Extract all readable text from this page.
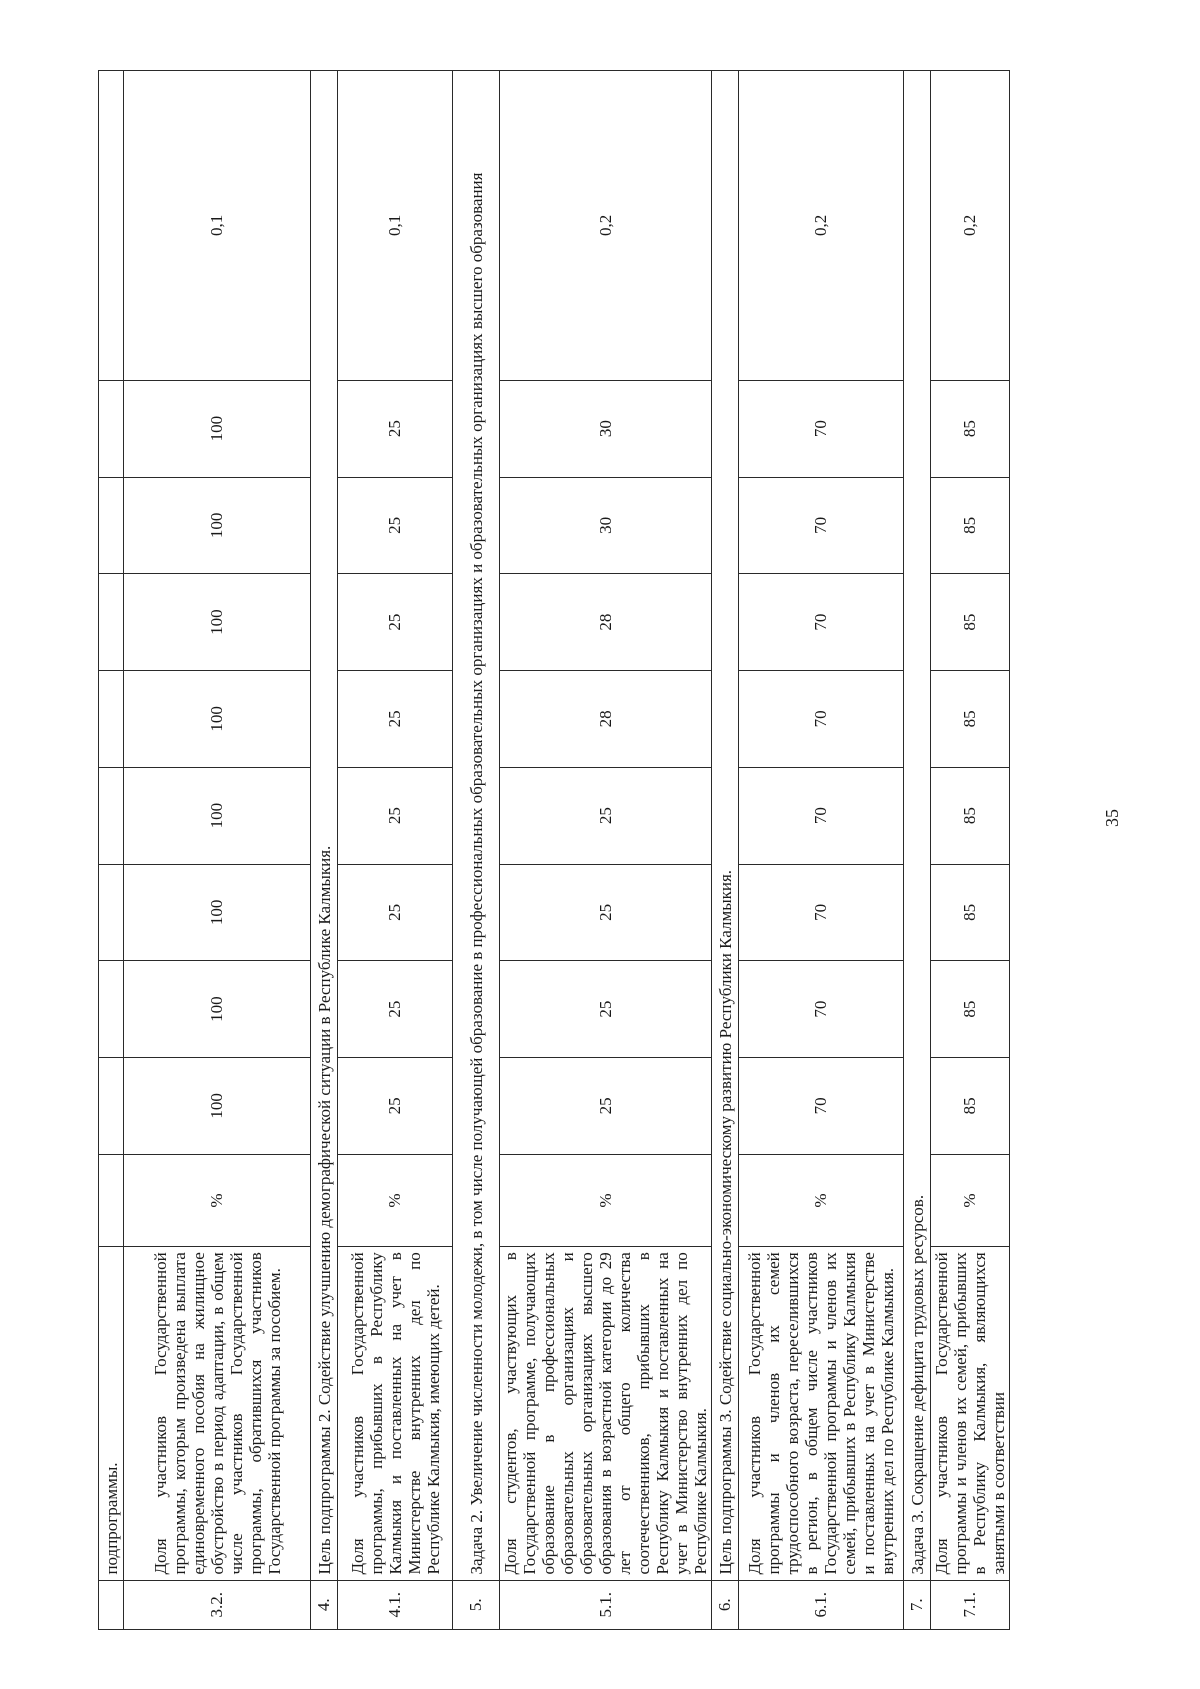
	подпрограммы.										
3.2.	Доля участников Государственной программы, которым произведена выплата единовременного пособия на жилищное обустройство в период адаптации, в общем числе участников Государственной программы, обратившихся участников Государственной программы за пособием.	%	100	100	100	100	100	100	100	100	0,1
4.	Цель подпрограммы 2. Содействие улучшению демографической ситуации в Республике Калмыкия.										
4.1.	Доля участников Государственной программы, прибывших в Республику Калмыкия и поставленных на учет в Министерстве внутренних дел по Республике Калмыкия, имеющих детей.	%	25	25	25	25	25	25	25	25	0,1
5.	Задача 2. Увеличение численности молодежи, в том числе получающей образование в профессиональных образовательных организациях и образовательных организациях высшего образования										
5.1.	Доля студентов, участвующих в Государственной программе, получающих образование в профессиональных образовательных организациях и образовательных организациях высшего образования в возрастной категории до 29 лет от общего количества соотечественников, прибывших в Республику Калмыкия и поставленных на учет в Министерство внутренних дел по Республике Калмыкия.	%	25	25	25	25	28	28	30	30	0,2
6.	Цель подпрограммы 3. Содействие социально-экономическому развитию Республики Калмыкия.										
6.1.	Доля участников Государственной программы и членов их семей трудоспособного возраста, переселившихся в регион, в общем числе участников Государственной программы и членов их семей, прибывших в Республику Калмыкия и поставленных на учет в Министерстве внутренних дел по Республике Калмыкия.	%	70	70	70	70	70	70	70	70	0,2
7.	Задача 3. Сокращение дефицита трудовых ресурсов.										
7.1.	Доля участников Государственной программы и членов их семей, прибывших в Республику Калмыкия, являющихся занятыми в соответствии	%	85	85	85	85	85	85	85	85	0,2
35
